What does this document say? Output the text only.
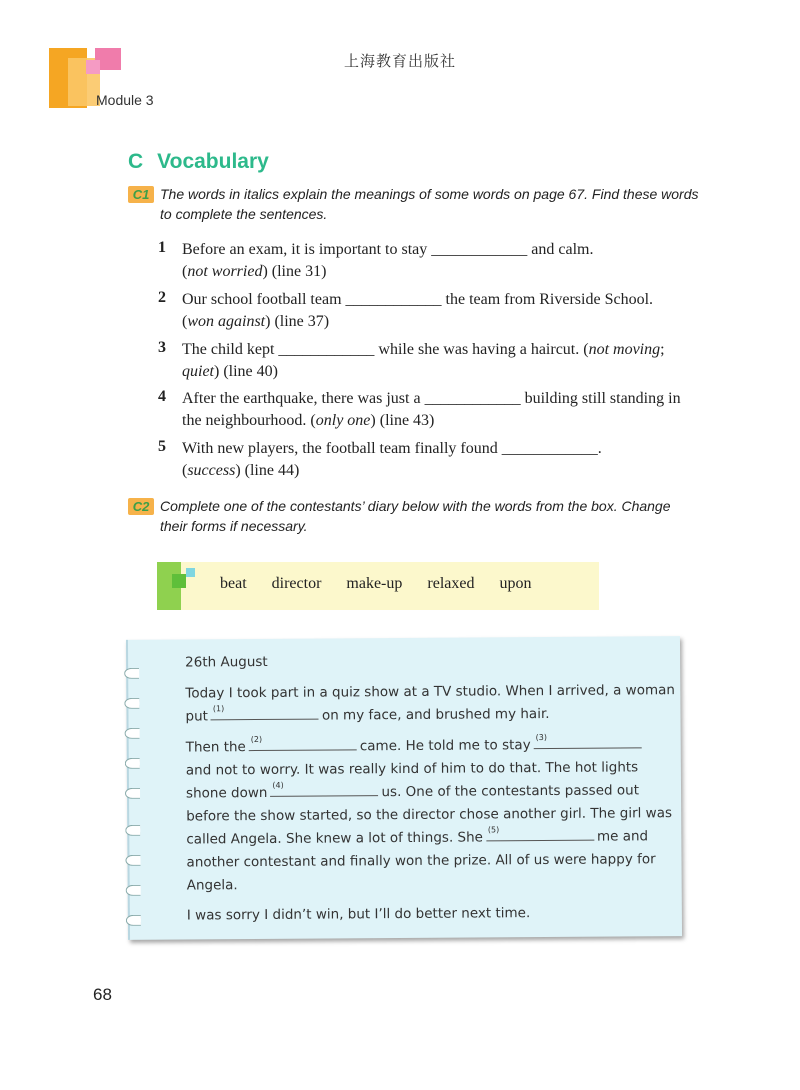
Module 3
上海教育出版社
C Vocabulary
C1 The words in italics explain the meanings of some words on page 67. Find these words to complete the sentences.
1 Before an exam, it is important to stay ____________ and calm.
(not worried) (line 31)
2 Our school football team ____________ the team from Riverside School. (won against) (line 37)
3 The child kept ____________ while she was having a haircut. (not moving; quiet) (line 40)
4 After the earthquake, there was just a ____________ building still standing in the neighbourhood. (only one) (line 43)
5 With new players, the football team finally found ____________.
(success) (line 44)
C2 Complete one of the contestants’ diary below with the words from the box. Change their forms if necessary.
beat director make-up relaxed upon
26th August
Today I took part in a quiz show at a TV studio. When I arrived, a woman
put (1)	on my face, and brushed my hair.
Then the (2)	came. He told me to stay (3)

and not to worry. It was really kind of him to do that. The hot lights
shone down (4)	us. One of the contestants passed out
before the show started, so the director chose another girl. The girl was
called Angela. She knew a lot of things. She (5)	me and
another contestant and finally won the prize. All of us were happy for
Angela.
I was sorry I didn’t win, but I’ll do better next time.
68
